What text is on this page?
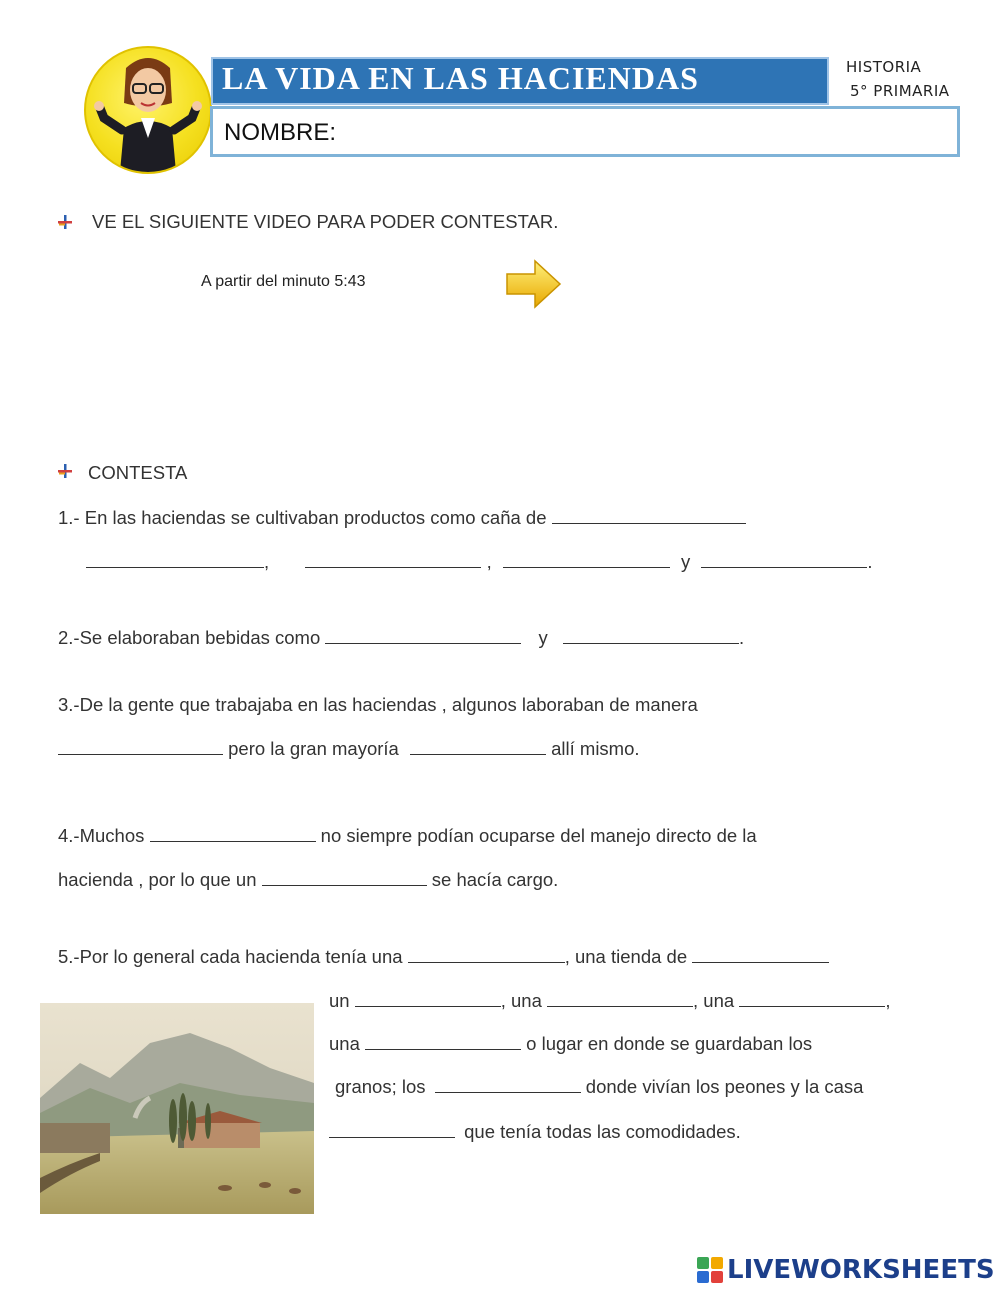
LA VIDA EN LAS HACIENDAS	HISTORIA
5° PRIMARIA
NOMBRE:
VE EL SIGUIENTE VIDEO PARA PODER CONTESTAR.
A partir del minuto 5:43
CONTESTA
1.- En las haciendas se cultivaban productos como caña de
,	,	y	.
2.-Se elaboraban bebidas como	y	.
3.-De la gente que trabajaba en las haciendas , algunos laboraban de manera
pero la gran mayoría	allí mismo.
4.-Muchos	no siempre podían ocuparse del manejo directo de la
hacienda , por lo que un	se hacía cargo.
5.-Por lo general cada hacienda tenía una	, una tienda de
un	, una	, una	,
una	o lugar en donde se guardaban los
granos; los	donde vivían los peones y la casa
que tenía todas las comodidades.
LIVEWORKSHEETS
